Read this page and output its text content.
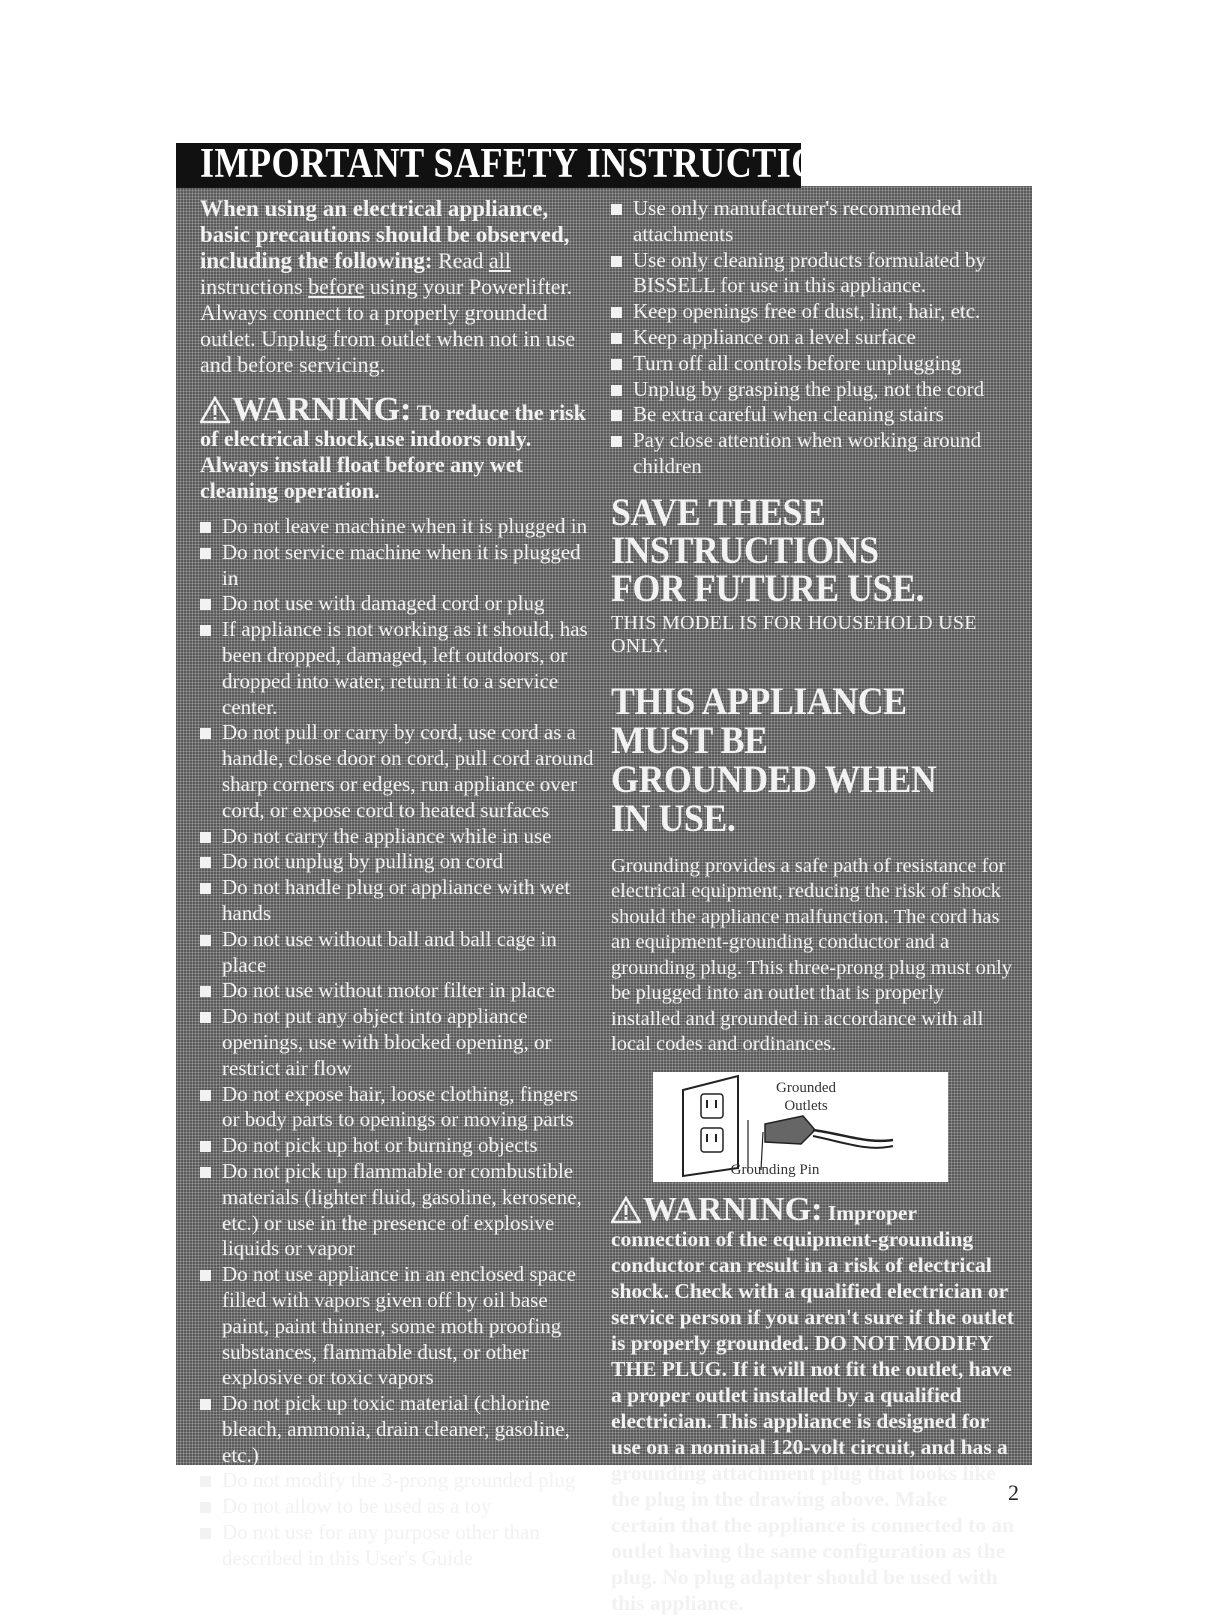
IMPORTANT SAFETY INSTRUCTIONS

When using an electrical appliance, basic precautions should be observed, including the following: Read all instructions before using your Powerlifter. Always connect to a properly grounded outlet. Unplug from outlet when not in use and before servicing.

WARNING: To reduce the risk of electrical shock,use indoors only. Always install float before any wet cleaning operation.
Do not leave machine when it is plugged in
Do not service machine when it is plugged in
Do not use with damaged cord or plug
If appliance is not working as it should, has been dropped, damaged, left outdoors, or dropped into water, return it to a service center.
Do not pull or carry by cord, use cord as a handle, close door on cord, pull cord around sharp corners or edges, run appliance over cord, or expose cord to heated surfaces
Do not carry the appliance while in use
Do not unplug by pulling on cord
Do not handle plug or appliance with wet hands
Do not use without ball and ball cage in place
Do not use without motor filter in place
Do not put any object into appliance openings, use with blocked opening, or restrict air flow
Do not expose hair, loose clothing, fingers or body parts to openings or moving parts
Do not pick up hot or burning objects
Do not pick up flammable or combustible materials (lighter fluid, gasoline, kerosene, etc.) or use in the presence of explosive liquids or vapor
Do not use appliance in an enclosed space filled with vapors given off by oil base paint, paint thinner, some moth proofing substances, flammable dust, or other explosive or toxic vapors
Do not pick up toxic material (chlorine bleach, ammonia, drain cleaner, gasoline, etc.)
Do not modify the 3-prong grounded plug
Do not allow to be used as a toy
Do not use for any purpose other than described in this User's Guide
Use only manufacturer's recommended attachments
Use only cleaning products formulated by BISSELL for use in this appliance.
Keep openings free of dust, lint, hair, etc.
Keep appliance on a level surface
Turn off all controls before unplugging
Unplug by grasping the plug, not the cord
Be extra careful when cleaning stairs
Pay close attention when working around children
SAVE THESE INSTRUCTIONS
FOR FUTURE USE.
THIS MODEL IS FOR HOUSEHOLD USE ONLY.
THIS APPLIANCE MUST BE
GROUNDED WHEN IN USE.
Grounding provides a safe path of resistance for electrical equipment, reducing the risk of shock should the appliance malfunction. The cord has an equipment-grounding conductor and a grounding plug. This three-prong plug must only be plugged into an outlet that is properly installed and grounded in accordance with all local codes and ordinances.
Grounded
Outlets
Grounding Pin
WARNING: Improper connection of the equipment-grounding conductor can result in a risk of electrical shock. Check with a qualified electrician or service person if you aren't sure if the outlet is properly grounded. DO NOT MODIFY THE PLUG. If it will not fit the outlet, have a proper outlet installed by a qualified electrician. This appliance is designed for use on a nominal 120-volt circuit, and has a grounding attachment plug that looks like the plug in the drawing above. Make certain that the appliance is connected to an outlet having the same configuration as the plug. No plug adapter should be used with this appliance.
2
